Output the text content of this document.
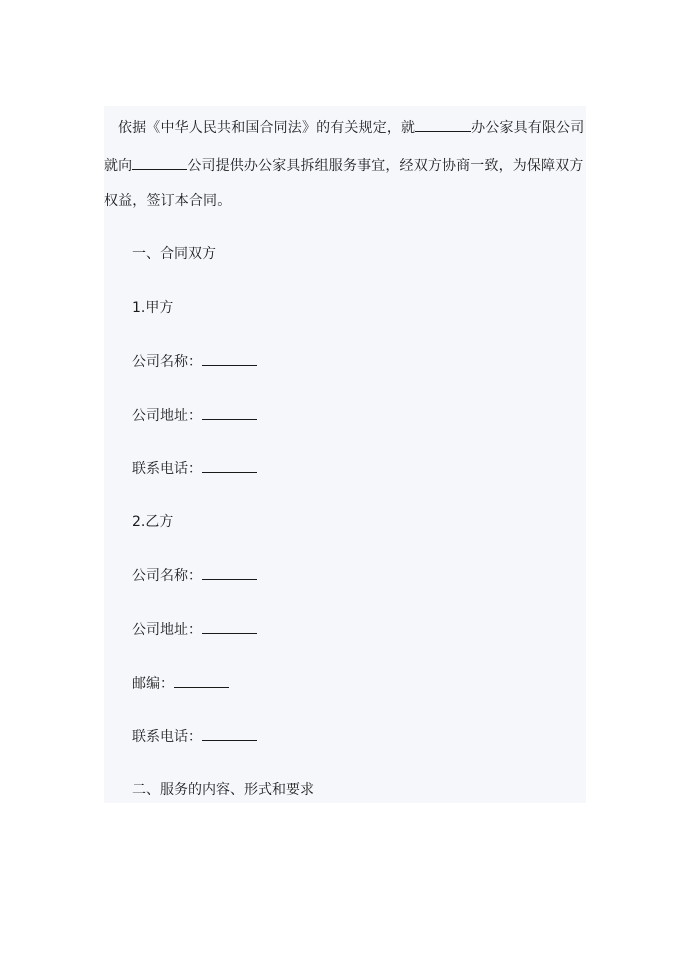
依据《中华人民共和国合同法》的有关规定，就	办公家具有限公司
就向	公司提供办公家具拆组服务事宜，经双方协商一致，为保障双方
权益，签订本合同。
一、合同双方
1.甲方
公司名称：
公司地址：
联系电话：
2.乙方
公司名称：
公司地址：
邮编：
联系电话：
二、服务的内容、形式和要求
